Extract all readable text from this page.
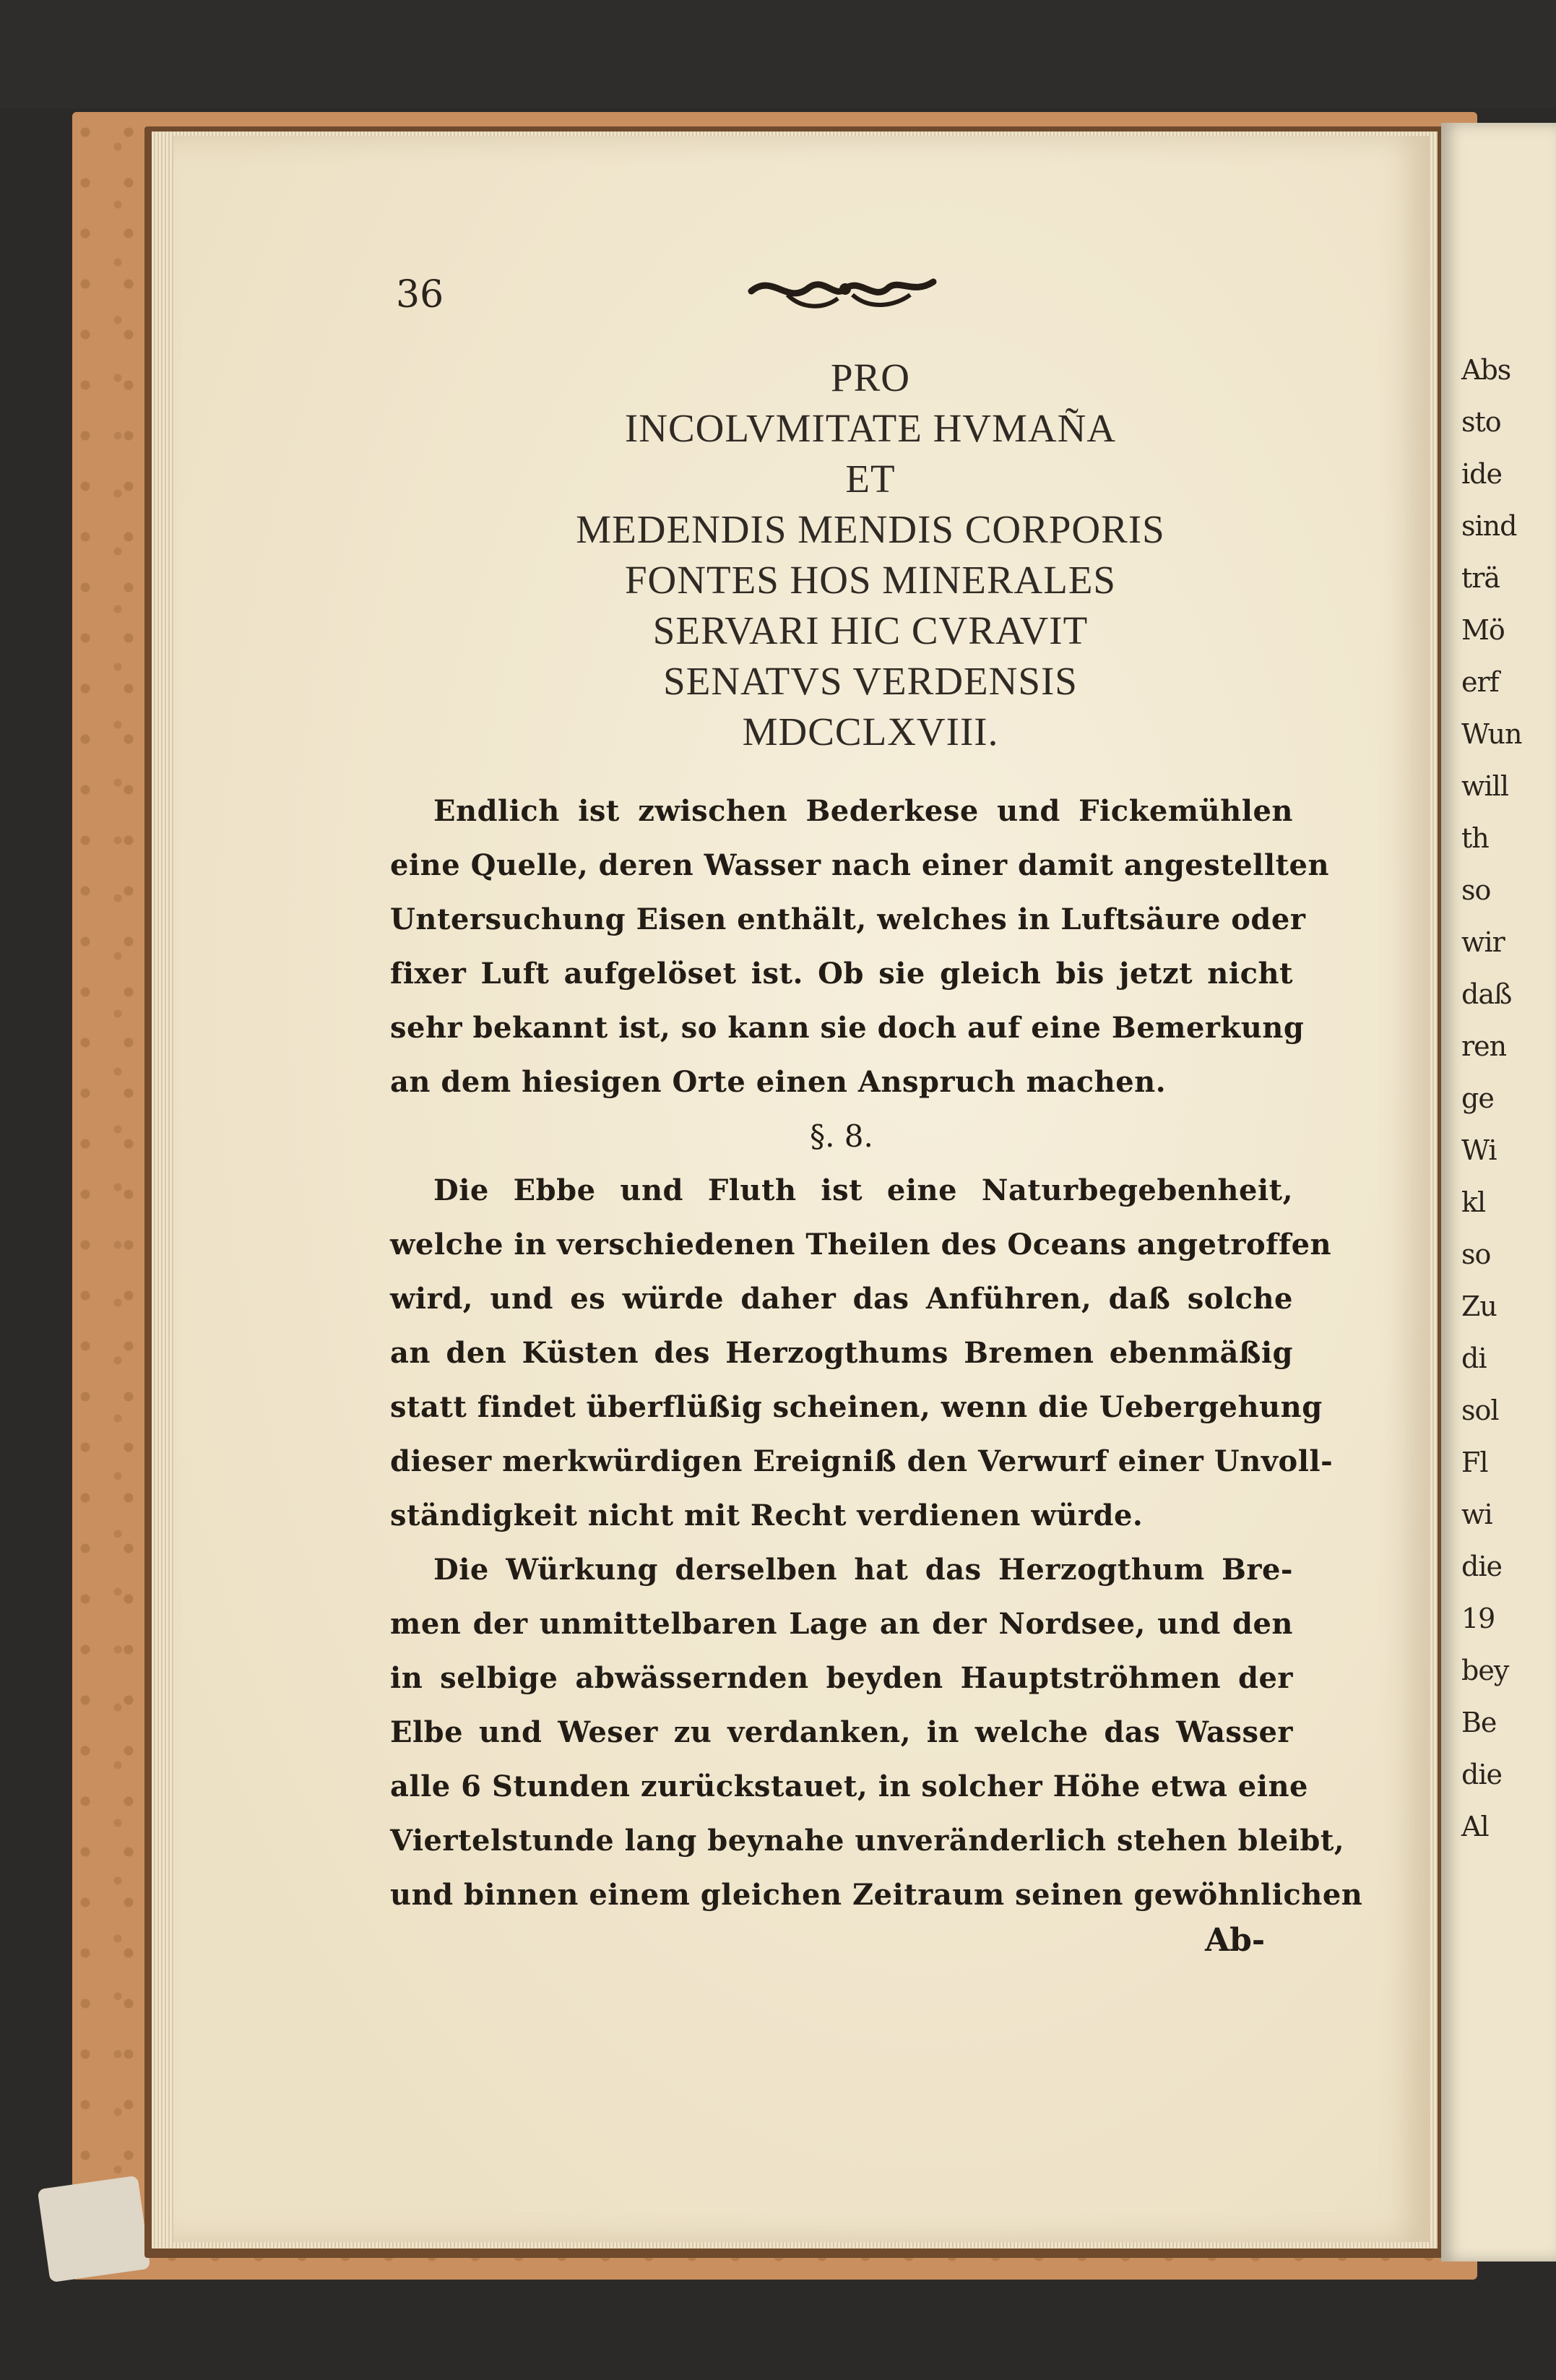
Abs
sto
ide
sind
trä
Mö
erf
Wun
will
th
so
wir
daß
ren
ge
Wi
kl
so
Zu
di
sol
Fl
wi
die
19
bey
Be
die
Al
36
PRO
INCOLVMITATE HVMAÑA
ET
MEDENDIS MENDIS CORPORIS
FONTES HOS MINERALES
SERVARI HIC CVRAVIT
SENATVS VERDENSIS
MDCCLXVIII.
Endlich ist zwischen Bederkese und Fickemühlen
eine Quelle, deren Wasser nach einer damit angestellten
Untersuchung Eisen enthält, welches in Luftsäure oder
fixer Luft aufgelöset ist. Ob sie gleich bis jetzt nicht
sehr bekannt ist, so kann sie doch auf eine Bemerkung
an dem hiesigen Orte einen Anspruch machen.
§. 8.
Die Ebbe und Fluth ist eine Naturbegebenheit,
welche in verschiedenen Theilen des Oceans angetroffen
wird, und es würde daher das Anführen, daß solche
an den Küsten des Herzogthums Bremen ebenmäßig
statt findet überflüßig scheinen, wenn die Uebergehung
dieser merkwürdigen Ereigniß den Verwurf einer Unvoll-
ständigkeit nicht mit Recht verdienen würde.
Die Würkung derselben hat das Herzogthum Bre-
men der unmittelbaren Lage an der Nordsee, und den
in selbige abwässernden beyden Hauptströhmen der
Elbe und Weser zu verdanken, in welche das Wasser
alle 6 Stunden zurückstauet, in solcher Höhe etwa eine
Viertelstunde lang beynahe unveränderlich stehen bleibt,
und binnen einem gleichen Zeitraum seinen gewöhnlichen
Ab-
